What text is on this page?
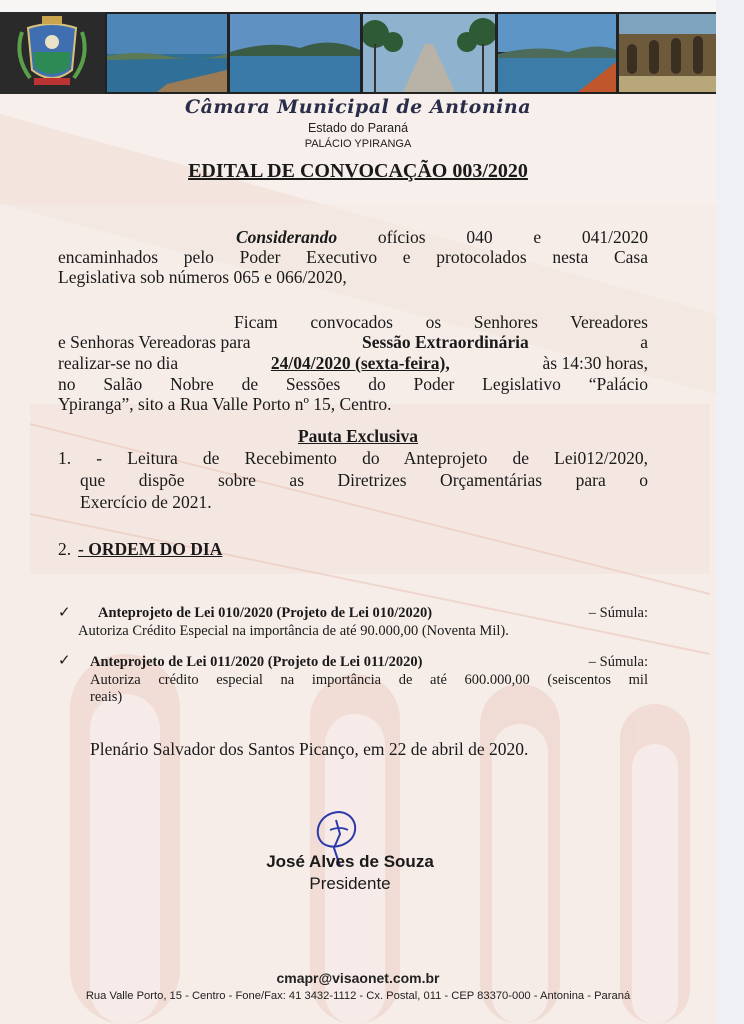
Câmara Municipal de Antonina
Estado do Paraná
PALÁCIO YPIRANGA
EDITAL DE CONVOCAÇÃO 003/2020
Considerando ofícios 040 e 041/2020
encaminhados pelo Poder Executivo e protocolados nesta Casa
Legislativa sob números 065 e 066/2020,
Ficam convocados os Senhores Vereadores
e Senhoras Vereadoras para	Sessão Extraordinária	a
realizar-se no dia	24/04/2020 (sexta-feira),	às 14:30 horas,
no Salão Nobre de Sessões do Poder Legislativo “Palácio
Ypiranga”, sito a Rua Valle Porto nº 15, Centro.
Pauta Exclusiva
1. - Leitura de Recebimento do Anteprojeto de Lei012/2020,
que dispõe sobre as Diretrizes Orçamentárias para o
Exercício de 2021.
2. - ORDEM DO DIA
✓ Anteprojeto de Lei 010/2020 (Projeto de Lei 010/2020)	– Súmula:
Autoriza Crédito Especial na importância de até 90.000,00 (Noventa Mil).
✓ Anteprojeto de Lei 011/2020 (Projeto de Lei 011/2020)	– Súmula:
Autoriza crédito especial na importância de até 600.000,00 (seiscentos mil
reais)
Plenário Salvador dos Santos Picanço, em 22 de abril de 2020.
José Alves de Souza
Presidente
cmapr@visaonet.com.br
Rua Valle Porto, 15 - Centro - Fone/Fax: 41 3432-1112 - Cx. Postal, 011 - CEP 83370-000 - Antonina - Paraná
